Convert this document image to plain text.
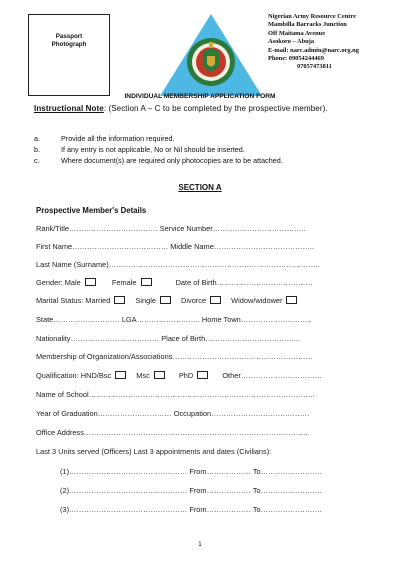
Passport
Photograph
Nigerian Army Resource Centre
Mambilla Barracks Junction
Off Maitama Avenue
Asokoro – Abuja
E-mail: narc.admin@narc.org.ng
Phone: 09054244469
07057473811
INDIVIDUAL MEMBERSHIP APPLICATION FORM
Instructional Note: (Section A – C to be completed by the prospective member).
a.	Provide all the information required.
b.	If any entry is not applicable, No or Nil should be inserted.
c.	Where document(s) are required only photocopies are to be attached.
SECTION A
Prospective Member's Details
Rank/Title……………………………… Service Number………………………………..
First Name………………………………… Middle Name…………………………………..
Last Name (Surname)…………………………………………………………………………..
Gender: Male	Female	Date of Birth…………………………………
Marital Status: Married	Single	Divorce	Widow/widower
State……………………… LGA…………………….. Home Town………………………..
Nationality……………………………… Place of Birth………………………………...
Membership of Organization/Associations…………………………………………………
Qualification: HND/Bsc	Msc	PhD	Other……………………………
Name of School………………………………………………………………………………..
Year of Graduation………………………… Occupation………………………………….
Office Address……………………………………………………………………………….
Last 3 Units served (Officers) Last 3 appointments and dates (Civilians):
(1)………………………………………… From……………… To…………………….
(2)………………………………………… From……………… To…………………….
(3)………………………………………… From……………… To…………………….
1
